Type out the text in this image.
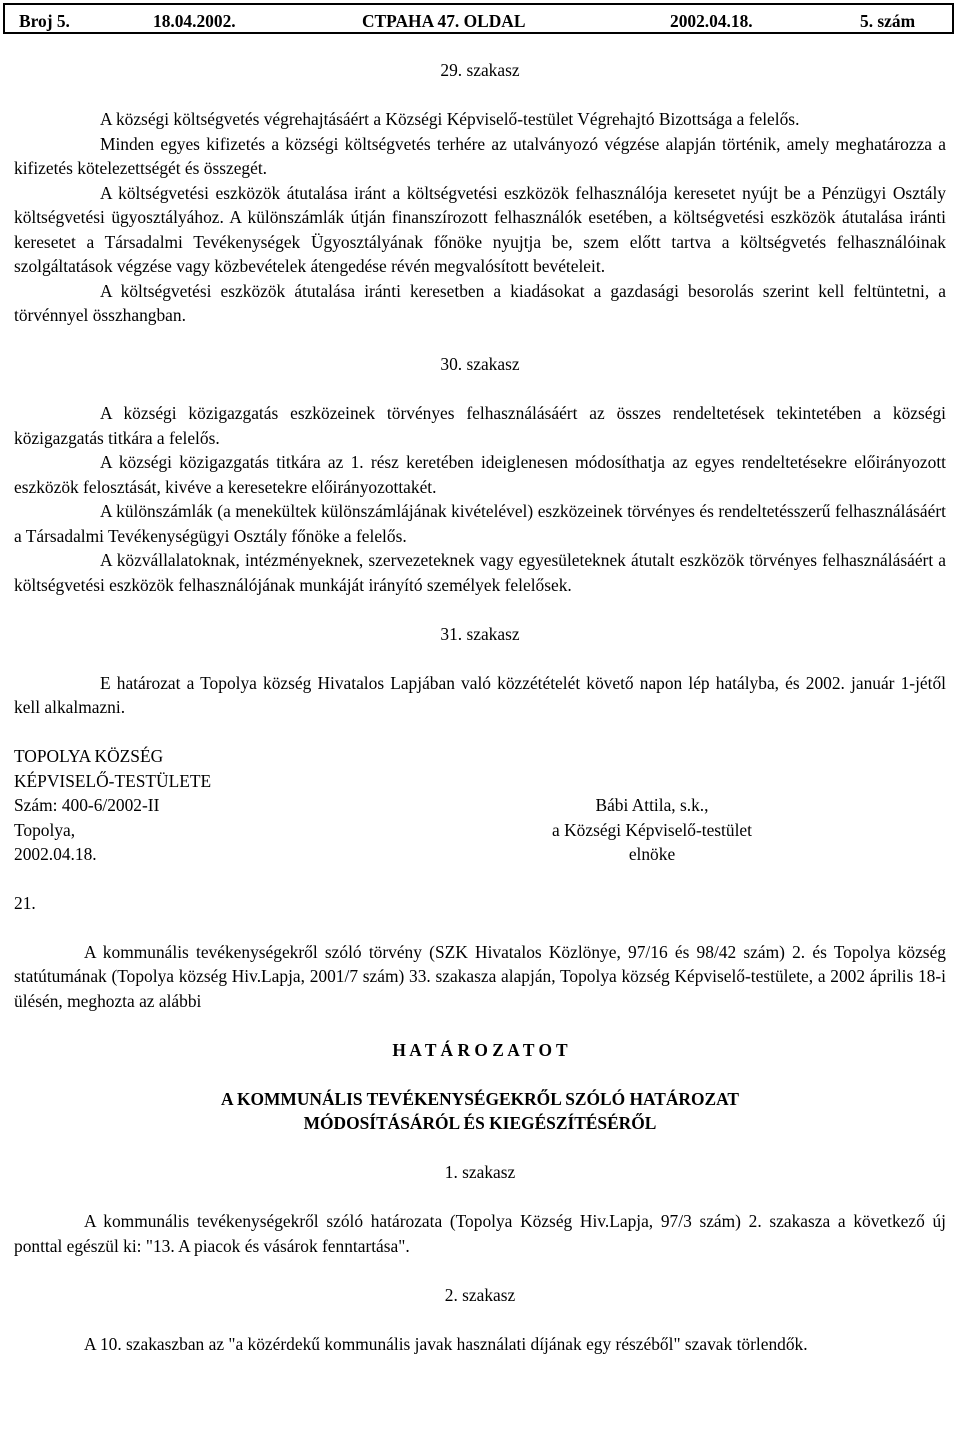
Broj 5.	18.04.2002.	CTPAHA 47. OLDAL	2002.04.18.	5. szám

29. szakasz

A községi költségvetés végrehajtásáért a Községi Képviselő-testület Végrehajtó Bizottsága a felelős.

Minden egyes kifizetés a községi költségvetés terhére az utalványozó végzése alapján történik, amely meghatározza a kifizetés kötelezettségét és összegét.

A költségvetési eszközök átutalása iránt a költségvetési eszközök felhasználója keresetet nyújt be a Pénzügyi Osztály költségvetési ügyosztályához. A különszámlák útján finanszírozott felhasználók esetében, a költségvetési eszközök átutalása iránti keresetet a Társadalmi Tevékenységek Ügyosztályának főnöke nyujtja be, szem előtt tartva a költségvetés felhasználóinak szolgáltatások végzése vagy közbevételek átengedése révén megvalósított bevételeit.

A költségvetési eszközök átutalása iránti keresetben a kiadásokat a gazdasági besorolás szerint kell feltüntetni, a törvénnyel összhangban.

30. szakasz

A községi közigazgatás eszközeinek törvényes felhasználásáért az összes rendeltetések tekintetében a községi közigazgatás titkára a felelős.

A községi közigazgatás titkára az 1. rész keretében ideiglenesen módosíthatja az egyes rendeltetésekre előirányozott eszközök felosztását, kivéve a keresetekre előirányozottakét.

A különszámlák (a menekültek különszámlájának kivételével) eszközeinek törvényes és rendeltetésszerű felhasználásáért a Társadalmi Tevékenységügyi Osztály főnöke a felelős.

A közvállalatoknak, intézményeknek, szervezeteknek vagy egyesületeknek átutalt eszközök törvényes felhasználásáért a költségvetési eszközök felhasználójának munkáját irányító személyek felelősek.

31. szakasz

E határozat a Topolya község Hivatalos Lapjában való közzétételét követő napon lép hatályba, és 2002. január 1-jétől kell alkalmazni.

TOPOLYA KÖZSÉG
KÉPVISELŐ-TESTÜLETE
Szám: 400-6/2002-II
Topolya,
2002.04.18.
Bábi Attila, s.k.,
a Községi Képviselő-testület
elnöke

21.

A kommunális tevékenységekről szóló törvény (SZK Hivatalos Közlönye, 97/16 és 98/42 szám) 2. és Topolya község statútumának (Topolya község Hiv.Lapja, 2001/7 szám) 33. szakasza alapján, Topolya község Képviselő-testülete, a 2002 április 18-i ülésén, meghozta az alábbi

H A T Á R O Z A T O T

A KOMMUNÁLIS TEVÉKENYSÉGEKRŐL SZÓLÓ HATÁROZAT

MÓDOSÍTÁSÁRÓL ÉS KIEGÉSZÍTÉSÉRŐL

1. szakasz

A kommunális tevékenységekről szóló határozata (Topolya Község Hiv.Lapja, 97/3 szám) 2. szakasza a következő új ponttal egészül ki: "13. A piacok és vásárok fenntartása".

2. szakasz

A 10. szakaszban az "a közérdekű kommunális javak használati díjának egy részéből" szavak törlendők.
